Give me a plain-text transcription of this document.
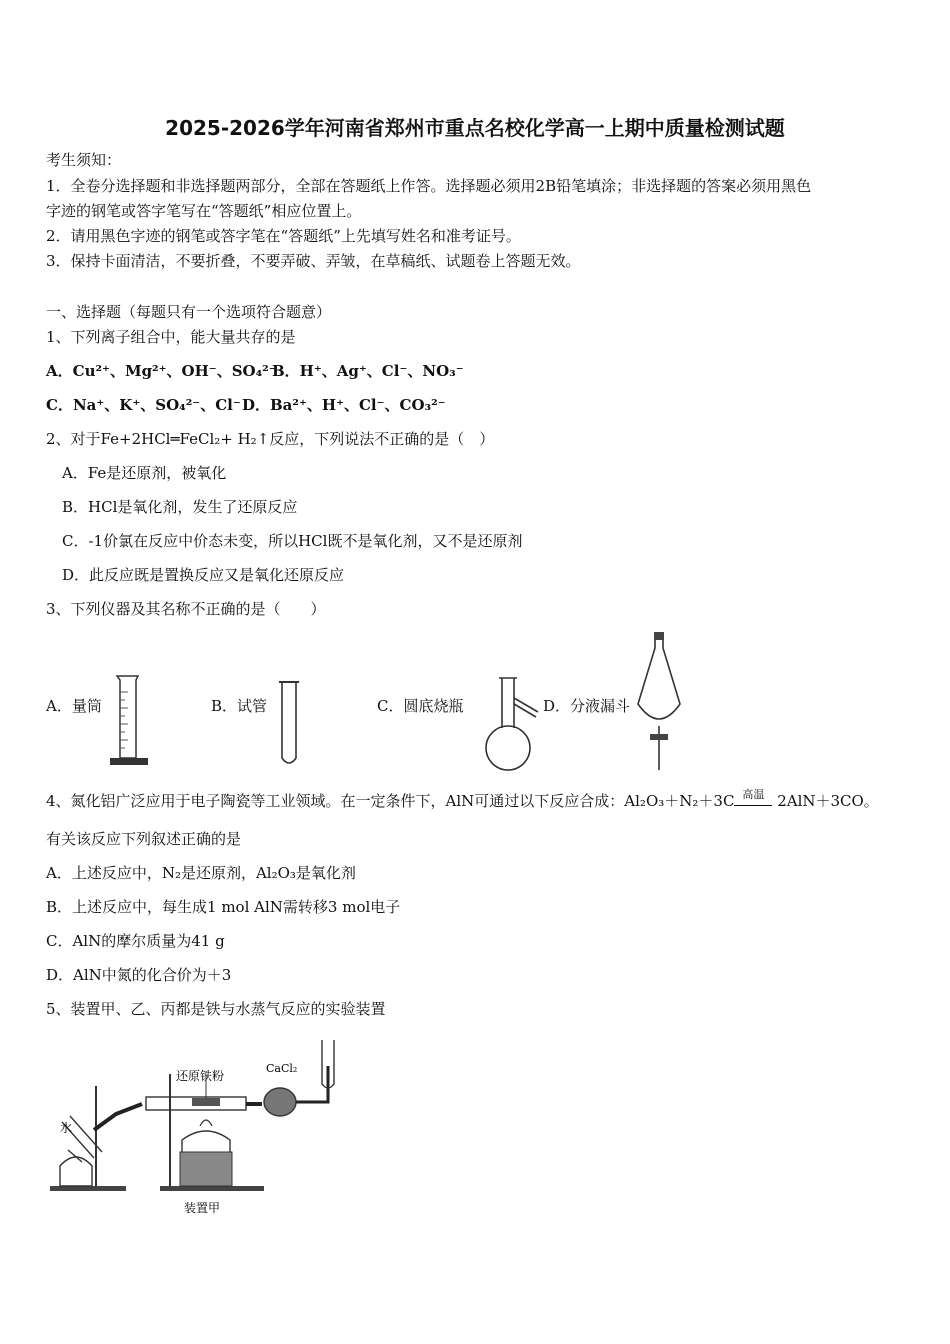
2025-2026学年河南省郑州市重点名校化学高一上期中质量检测试题
考生须知：
1．全卷分选择题和非选择题两部分，全部在答题纸上作答。选择题必须用2B铅笔填涂；非选择题的答案必须用黑色
字迹的钢笔或答字笔写在“答题纸”相应位置上。
2．请用黑色字迹的钢笔或答字笔在“答题纸”上先填写姓名和准考证号。
3．保持卡面清洁，不要折叠，不要弄破、弄皱，在草稿纸、试题卷上答题无效。
一、选择题（每题只有一个选项符合题意）
1、下列离子组合中，能大量共存的是
A．Cu²⁺、Mg²⁺、OH⁻、SO₄²⁻
B．H⁺、Ag⁺、Cl⁻、NO₃⁻
C．Na⁺、K⁺、SO₄²⁻、Cl⁻ D．Ba²⁺、H⁺、Cl⁻、CO₃²⁻
2、对于Fe+2HCl═FeCl₂+ H₂↑反应，下列说法不正确的是（　）
A．Fe是还原剂，被氧化
B．HCl是氧化剂，发生了还原反应
C．-1价氯在反应中价态未变，所以HCl既不是氧化剂，又不是还原剂
D．此反应既是置换反应又是氧化还原反应
3、下列仪器及其名称不正确的是（　　）
A．量筒	B．试管	C．圆底烧瓶	D．分液漏斗
4、氮化铝广泛应用于电子陶瓷等工业领域。在一定条件下，AlN可通过以下反应合成：Al₂O₃＋N₂＋3C 高温 2AlN＋3CO。
有关该反应下列叙述正确的是
A．上述反应中，N₂是还原剂，Al₂O₃是氧化剂
B．上述反应中，每生成1 mol AlN需转移3 mol电子
C．AlN的摩尔质量为41 g
D．AlN中氮的化合价为＋3
5、装置甲、乙、丙都是铁与水蒸气反应的实验装置
还原铁粉
CaCl₂
水
装置甲
